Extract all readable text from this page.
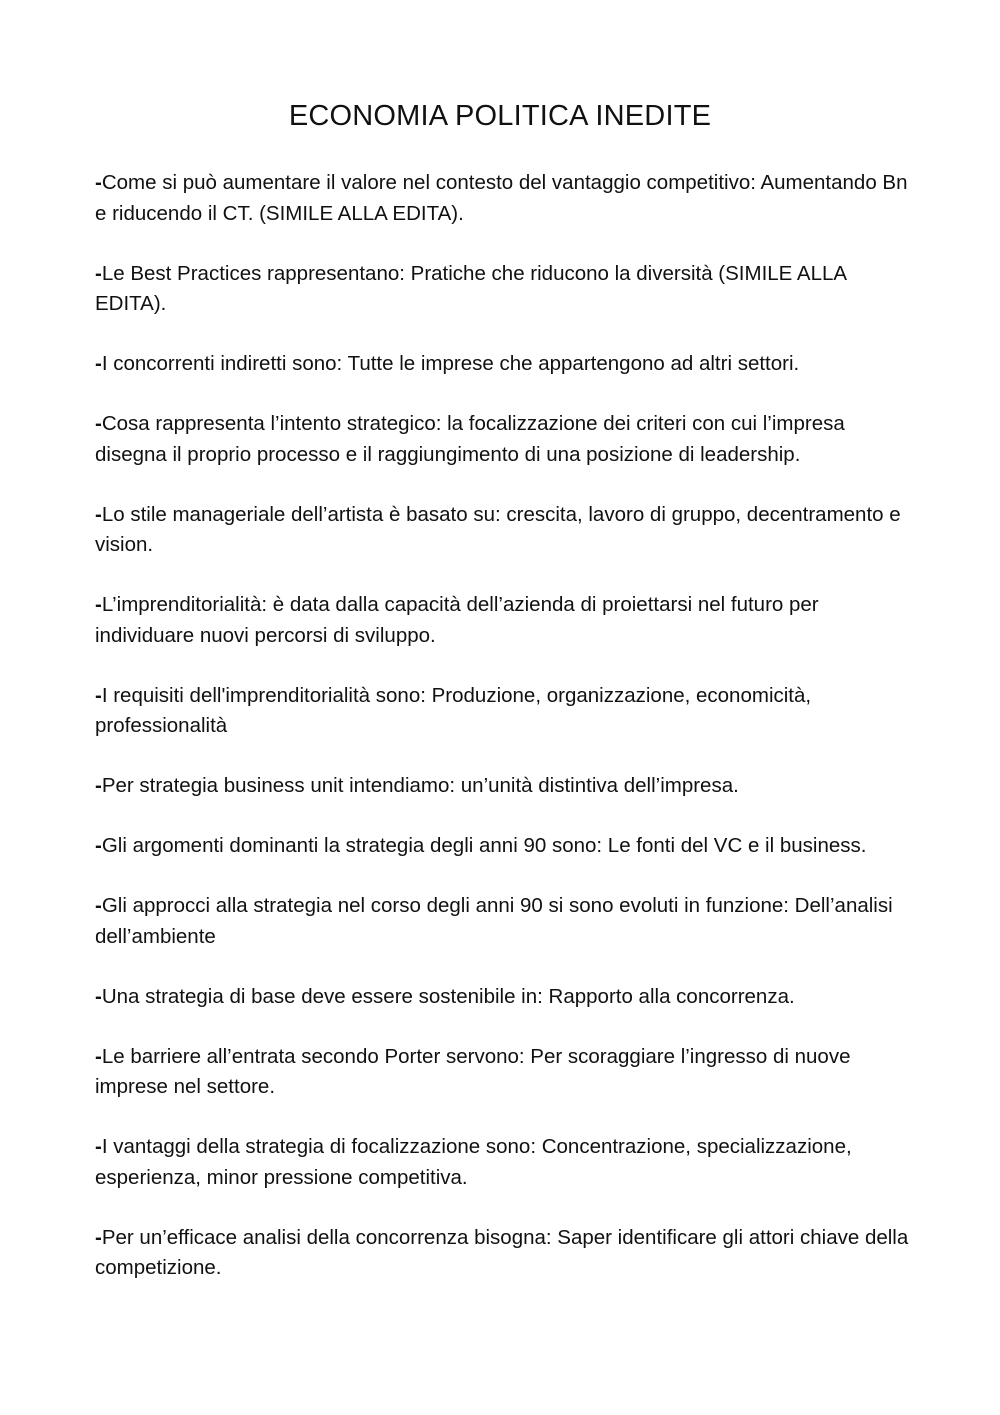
ECONOMIA POLITICA INEDITE

-Come si può aumentare il valore nel contesto del vantaggio competitivo: Aumentando Bn e riducendo il CT. (SIMILE ALLA EDITA).

-Le Best Practices rappresentano: Pratiche che riducono la diversità (SIMILE ALLA EDITA).

-I concorrenti indiretti sono: Tutte le imprese che appartengono ad altri settori.

-Cosa rappresenta l’intento strategico: la focalizzazione dei criteri con cui l’impresa disegna il proprio processo e il raggiungimento di una posizione di leadership.

-Lo stile manageriale dell’artista è basato su: crescita, lavoro di gruppo, decentramento e vision.

-L’imprenditorialità: è data dalla capacità dell’azienda di proiettarsi nel futuro per individuare nuovi percorsi di sviluppo.

-I requisiti dell'imprenditorialità sono: Produzione, organizzazione, economicità, professionalità

-Per strategia business unit intendiamo: un’unità distintiva dell’impresa.

-Gli argomenti dominanti la strategia degli anni 90 sono: Le fonti del VC e il business.

-Gli approcci alla strategia nel corso degli anni 90 si sono evoluti in funzione: Dell’analisi dell’ambiente

-Una strategia di base deve essere sostenibile in: Rapporto alla concorrenza.

-Le barriere all’entrata secondo Porter servono: Per scoraggiare l’ingresso di nuove imprese nel settore.

-I vantaggi della strategia di focalizzazione sono: Concentrazione, specializzazione, esperienza, minor pressione competitiva.

-Per un’efficace analisi della concorrenza bisogna: Saper identificare gli attori chiave della competizione.
